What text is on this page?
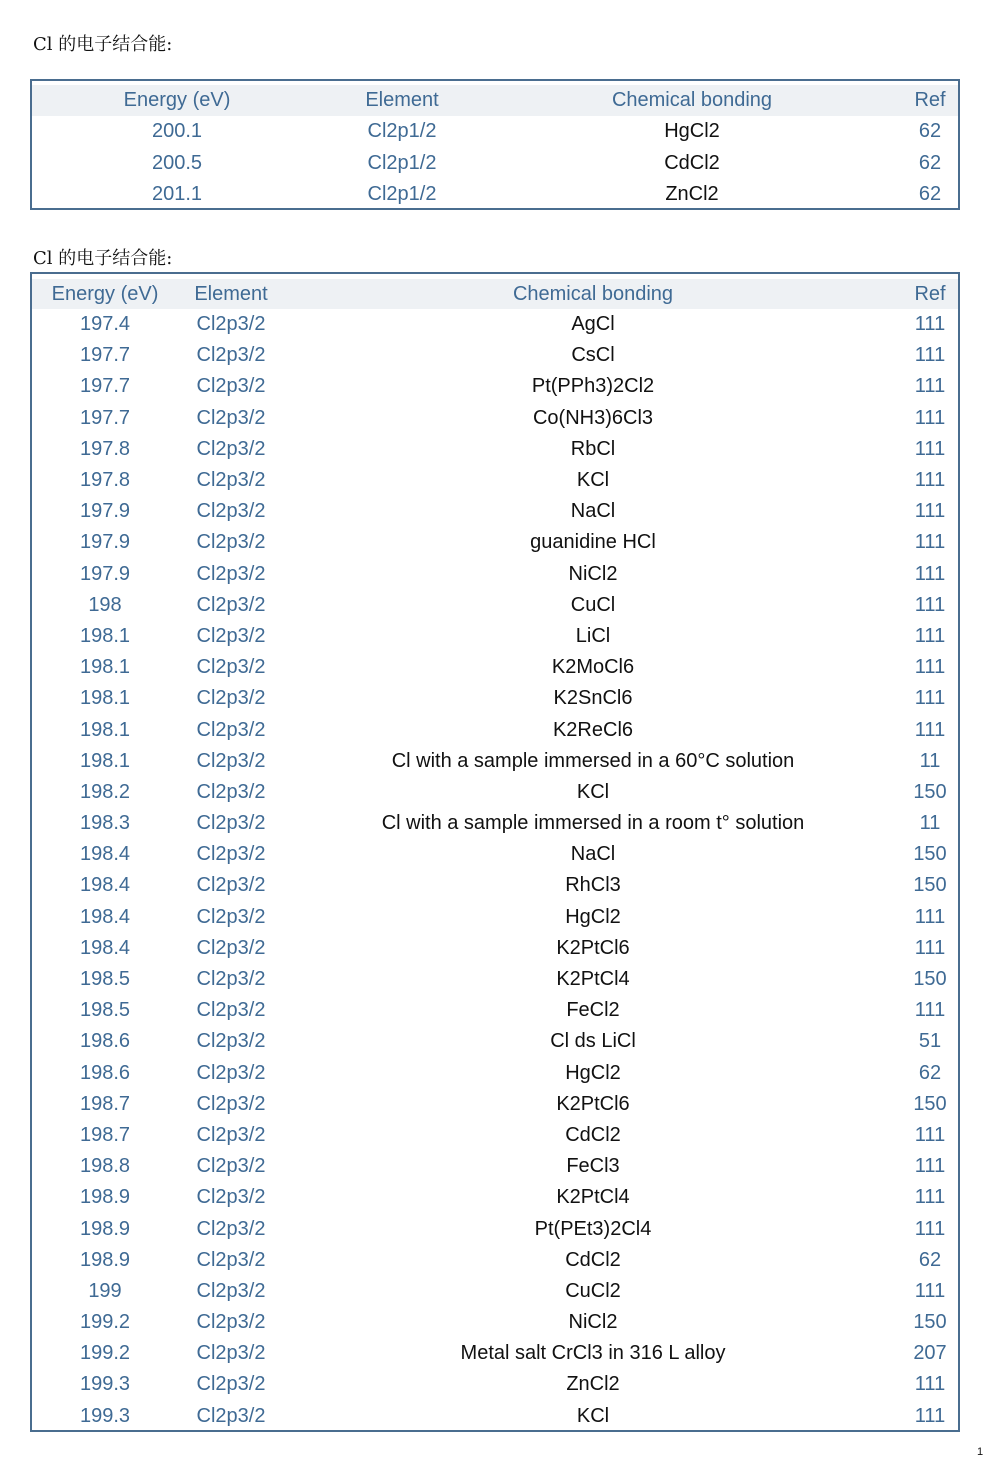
Cl 的电子结合能:
Energy (eV)	Element	Chemical bonding	Ref
200.1	Cl2p1/2	HgCl2	62
200.5	Cl2p1/2	CdCl2	62
201.1	Cl2p1/2	ZnCl2	62
Cl 的电子结合能:
Energy (eV)	Element	Chemical bonding	Ref
197.4	Cl2p3/2	AgCl	111
197.7	Cl2p3/2	CsCl	111
197.7	Cl2p3/2	Pt(PPh3)2Cl2	111
197.7	Cl2p3/2	Co(NH3)6Cl3	111
197.8	Cl2p3/2	RbCl	111
197.8	Cl2p3/2	KCl	111
197.9	Cl2p3/2	NaCl	111
197.9	Cl2p3/2	guanidine HCl	111
197.9	Cl2p3/2	NiCl2	111
198	Cl2p3/2	CuCl	111
198.1	Cl2p3/2	LiCl	111
198.1	Cl2p3/2	K2MoCl6	111
198.1	Cl2p3/2	K2SnCl6	111
198.1	Cl2p3/2	K2ReCl6	111
198.1	Cl2p3/2	Cl with a sample immersed in a 60°C solution	11
198.2	Cl2p3/2	KCl	150
198.3	Cl2p3/2	Cl with a sample immersed in a room t° solution	11
198.4	Cl2p3/2	NaCl	150
198.4	Cl2p3/2	RhCl3	150
198.4	Cl2p3/2	HgCl2	111
198.4	Cl2p3/2	K2PtCl6	111
198.5	Cl2p3/2	K2PtCl4	150
198.5	Cl2p3/2	FeCl2	111
198.6	Cl2p3/2	Cl ds LiCl	51
198.6	Cl2p3/2	HgCl2	62
198.7	Cl2p3/2	K2PtCl6	150
198.7	Cl2p3/2	CdCl2	111
198.8	Cl2p3/2	FeCl3	111
198.9	Cl2p3/2	K2PtCl4	111
198.9	Cl2p3/2	Pt(PEt3)2Cl4	111
198.9	Cl2p3/2	CdCl2	62
199	Cl2p3/2	CuCl2	111
199.2	Cl2p3/2	NiCl2	150
199.2	Cl2p3/2	Metal salt CrCl3 in 316 L alloy	207
199.3	Cl2p3/2	ZnCl2	111
199.3	Cl2p3/2	KCl	111
1
